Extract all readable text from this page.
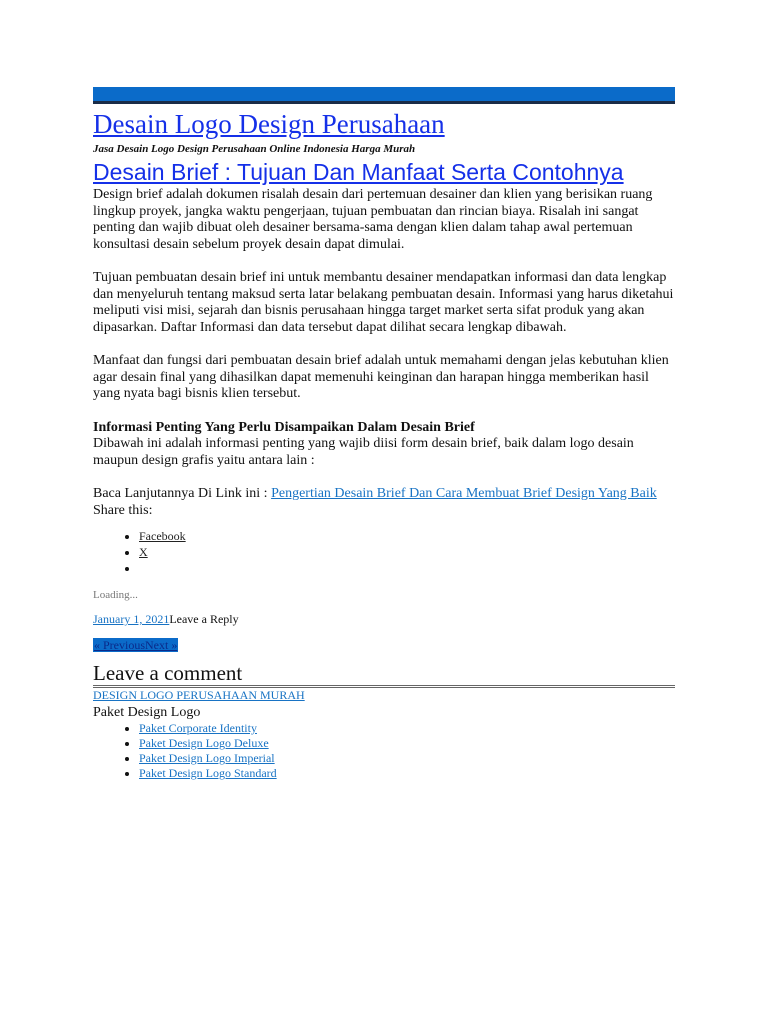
Desain Logo Design Perusahaan
Jasa Desain Logo Design Perusahaan Online Indonesia Harga Murah
Desain Brief : Tujuan Dan Manfaat Serta Contohnya

Design brief adalah dokumen risalah desain dari pertemuan desainer dan klien yang berisikan ruang lingkup proyek, jangka waktu pengerjaan, tujuan pembuatan dan rincian biaya. Risalah ini sangat penting dan wajib dibuat oleh desainer bersama-sama dengan klien dalam tahap awal pertemuan konsultasi desain sebelum proyek desain dapat dimulai.

Tujuan pembuatan desain brief ini untuk membantu desainer mendapatkan informasi dan data lengkap dan menyeluruh tentang maksud serta latar belakang pembuatan desain. Informasi yang harus diketahui meliputi visi misi, sejarah dan bisnis perusahaan hingga target market serta sifat produk yang akan dipasarkan. Daftar Informasi dan data tersebut dapat dilihat secara lengkap dibawah.

Manfaat dan fungsi dari pembuatan desain brief adalah untuk memahami dengan jelas kebutuhan klien agar desain final yang dihasilkan dapat memenuhi keinginan dan harapan hingga memberikan hasil yang nyata bagi bisnis klien tersebut.

Informasi Penting Yang Perlu Disampaikan Dalam Desain Brief

Dibawah ini adalah informasi penting yang wajib diisi form desain brief, baik dalam logo desain maupun design grafis yaitu antara lain :

Baca Lanjutannya Di Link ini : Pengertian Desain Brief Dan Cara Membuat Brief Design Yang Baik

Share this:
• Facebook
• X
•
Loading...
January 1, 2021Leave a Reply
« PreviousNext »
Leave a comment
DESIGN LOGO PERUSAHAAN MURAH
Paket Design Logo
• Paket Corporate Identity
• Paket Design Logo Deluxe
• Paket Design Logo Imperial
• Paket Design Logo Standard
